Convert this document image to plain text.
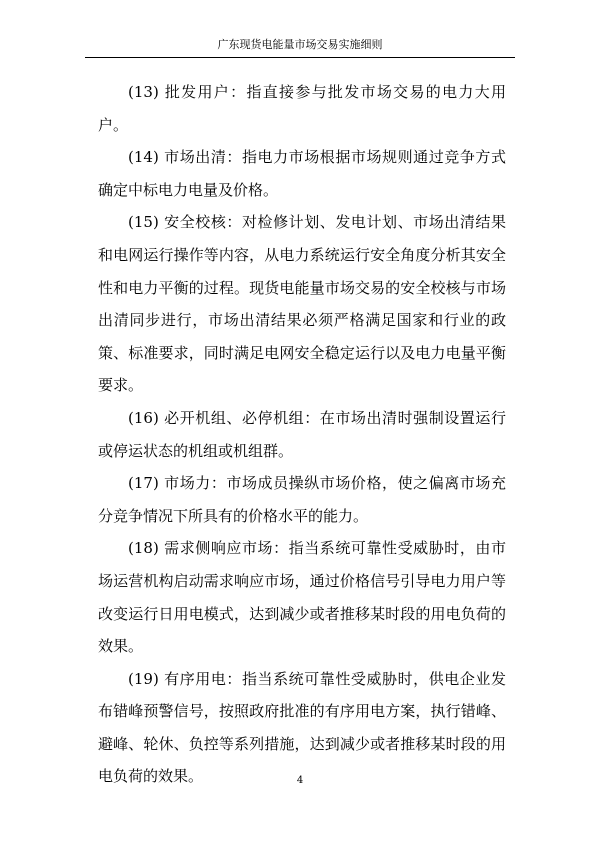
广东现货电能量市场交易实施细则

(13) 批发用户：指直接参与批发市场交易的电力大用户。

(14) 市场出清：指电力市场根据市场规则通过竞争方式确定中标电力电量及价格。

(15) 安全校核：对检修计划、发电计划、市场出清结果和电网运行操作等内容，从电力系统运行安全角度分析其安全性和电力平衡的过程。现货电能量市场交易的安全校核与市场出清同步进行，市场出清结果必须严格满足国家和行业的政策、标准要求，同时满足电网安全稳定运行以及电力电量平衡要求。

(16) 必开机组、必停机组：在市场出清时强制设置运行或停运状态的机组或机组群。

(17) 市场力：市场成员操纵市场价格，使之偏离市场充分竞争情况下所具有的价格水平的能力。

(18) 需求侧响应市场：指当系统可靠性受威胁时，由市场运营机构启动需求响应市场，通过价格信号引导电力用户等改变运行日用电模式，达到减少或者推移某时段的用电负荷的效果。

(19) 有序用电：指当系统可靠性受威胁时，供电企业发布错峰预警信号，按照政府批准的有序用电方案，执行错峰、避峰、轮休、负控等系列措施，达到减少或者推移某时段的用电负荷的效果。	4
